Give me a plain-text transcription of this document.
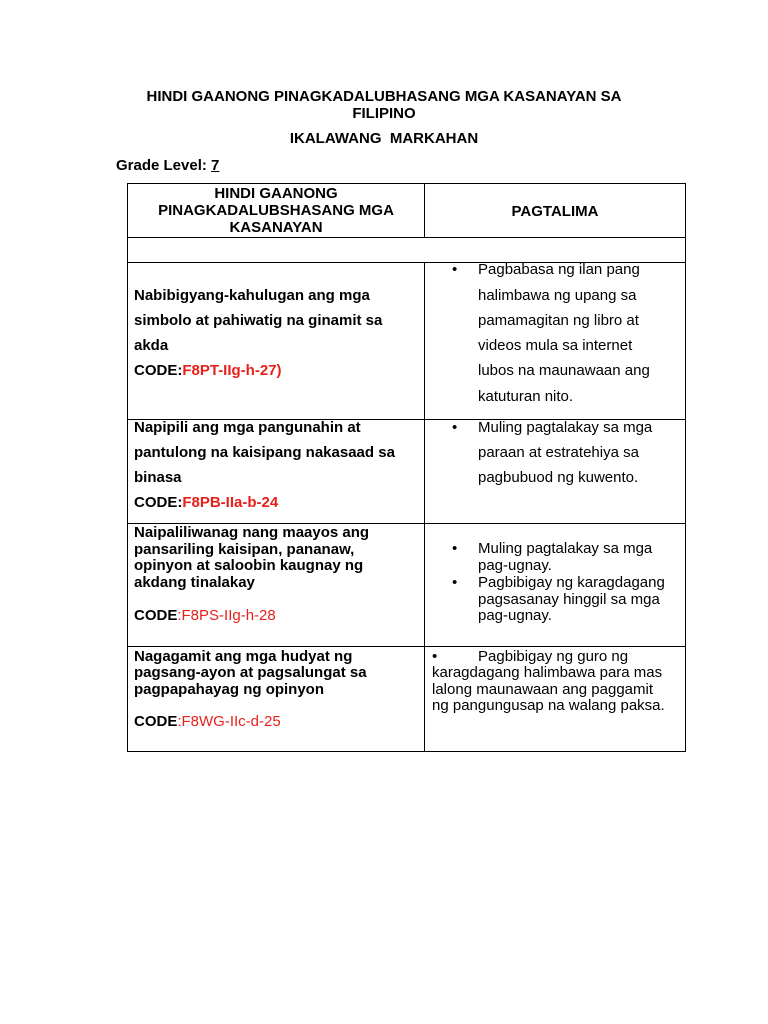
HINDI GAANONG PINAGKADALUBHASANG MGA KASANAYAN SA FILIPINO
IKALAWANG  MARKAHAN
Grade Level: 7
HINDI GAANONG PINAGKADALUBSHASANG MGA KASANAYAN
PAGTALIMA
Nabibigyang-kahulugan ang mga
simbolo at pahiwatig na ginamit sa
akda
CODE:F8PT-IIg-h-27)
• Pagbabasa ng ilan pang
halimbawa ng upang sa
pamamagitan ng libro at
videos mula sa internet
lubos na maunawaan ang
katuturan nito.
Napipili ang mga pangunahin at
pantulong na kaisipang nakasaad sa
binasa
CODE:F8PB-IIa-b-24
• Muling pagtalakay sa mga
paraan at estratehiya sa
pagbubuod ng kuwento.
Naipaliliwanag nang maayos ang
pansariling kaisipan, pananaw,
opinyon at saloobin kaugnay ng
akdang tinalakay
CODE:F8PS-IIg-h-28
• Muling pagtalakay sa mga
pag-ugnay.
• Pagbibigay ng karagdagang
pagsasanay hinggil sa mga
pag-ugnay.
Nagagamit ang mga hudyat ng
pagsang-ayon at pagsalungat sa
pagpapahayag ng opinyon
CODE:F8WG-IIc-d-25
•	Pagbibigay ng guro ng
karagdagang halimbawa para mas
lalong maunawaan ang paggamit
ng pangungusap na walang paksa.
